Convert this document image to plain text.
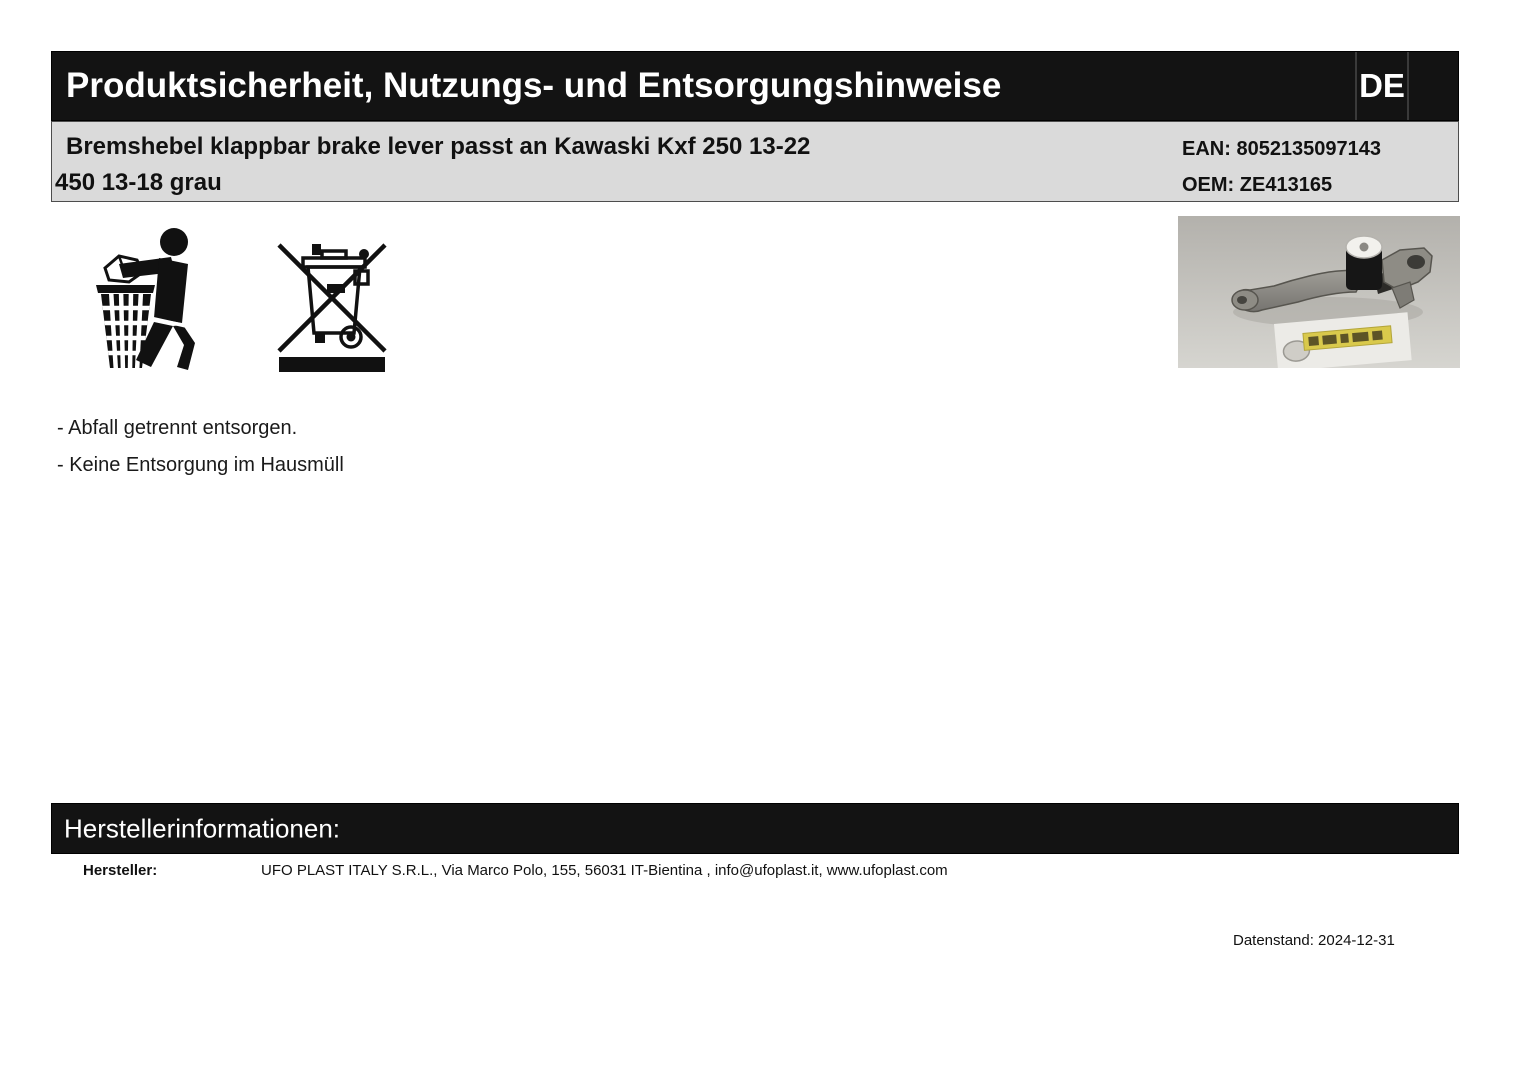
Produktsicherheit, Nutzungs- und Entsorgungshinweise	DE
Bremshebel klappbar brake lever passt an Kawaski Kxf 250 13-22
450 13-18 grau
EAN: 8052135097143
OEM: ZE413165
- Abfall getrennt entsorgen.
- Keine Entsorgung im Hausmüll
Herstellerinformationen:
Hersteller:	UFO PLAST ITALY S.R.L., Via Marco Polo, 155, 56031 IT-Bientina , info@ufoplast.it, www.ufoplast.com
Datenstand: 2024-12-31
